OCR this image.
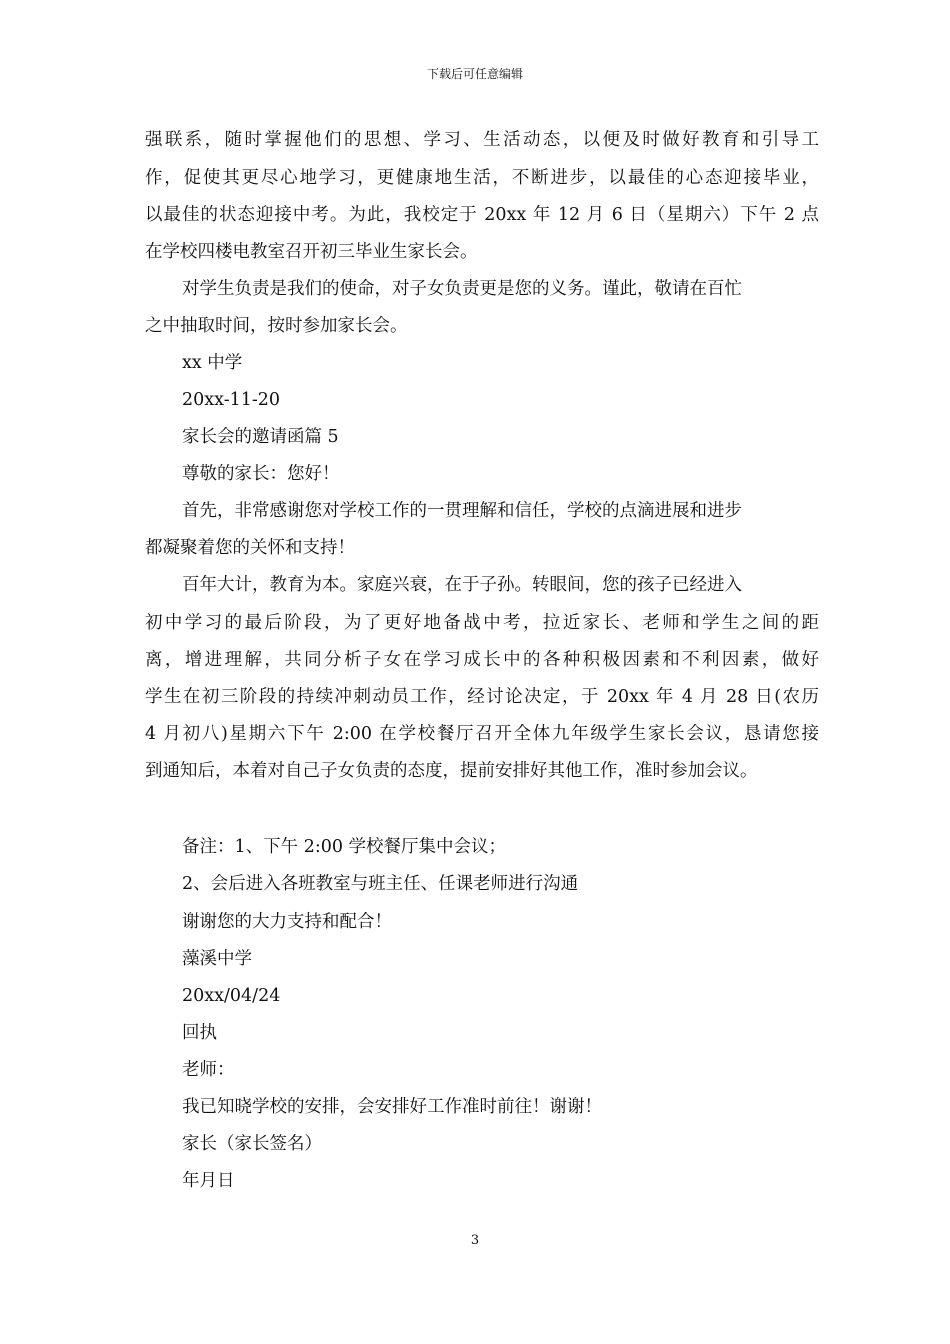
下载后可任意编辑
强联系，随时掌握他们的思想、学习、生活动态，以便及时做好教育和引导工
作，促使其更尽心地学习，更健康地生活，不断进步，以最佳的心态迎接毕业，
以最佳的状态迎接中考。为此，我校定于 20xx 年 12 月 6 日（星期六）下午 2 点
在学校四楼电教室召开初三毕业生家长会。
对学生负责是我们的使命，对子女负责更是您的义务。谨此，敬请在百忙
之中抽取时间，按时参加家长会。
xx 中学
20xx-11-20
家长会的邀请函篇 5
尊敬的家长：您好！
首先，非常感谢您对学校工作的一贯理解和信任，学校的点滴进展和进步
都凝聚着您的关怀和支持！
百年大计，教育为本。家庭兴衰，在于子孙。转眼间，您的孩子已经进入
初中学习的最后阶段，为了更好地备战中考，拉近家长、老师和学生之间的距
离，增进理解，共同分析子女在学习成长中的各种积极因素和不利因素，做好
学生在初三阶段的持续冲刺动员工作，经讨论决定，于 20xx 年 4 月 28 日(农历
4 月初八)星期六下午 2:00 在学校餐厅召开全体九年级学生家长会议，恳请您接
到通知后，本着对自己子女负责的态度，提前安排好其他工作，准时参加会议。
备注：1、下午 2:00 学校餐厅集中会议；
2、会后进入各班教室与班主任、任课老师进行沟通
谢谢您的大力支持和配合！
藻溪中学
20xx/04/24
回执
老师：
我已知晓学校的安排，会安排好工作准时前往！谢谢！
家长（家长签名）
年月日
3
